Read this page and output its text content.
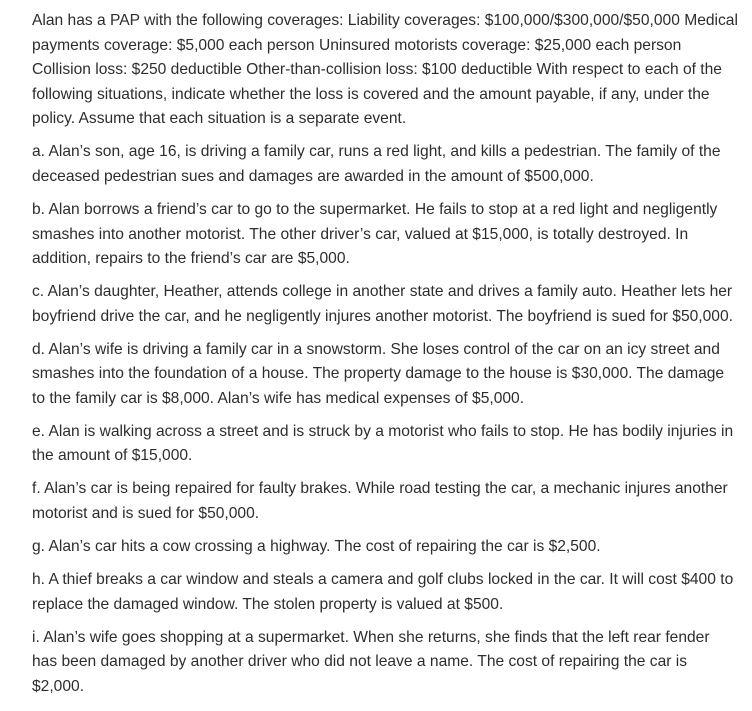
Alan has a PAP with the following coverages: Liability coverages: $100,000/$300,000/$50,000 Medical payments coverage: $5,000 each person Uninsured motorists coverage: $25,000 each person Collision loss: $250 deductible Other-than-collision loss: $100 deductible With respect to each of the following situations, indicate whether the loss is covered and the amount payable, if any, under the policy. Assume that each situation is a separate event.

a. Alan’s son, age 16, is driving a family car, runs a red light, and kills a pedestrian. The family of the deceased pedestrian sues and damages are awarded in the amount of $500,000.

b. Alan borrows a friend’s car to go to the supermarket. He fails to stop at a red light and negligently smashes into another motorist. The other driver’s car, valued at $15,000, is totally destroyed. In addition, repairs to the friend’s car are $5,000.

c. Alan’s daughter, Heather, attends college in another state and drives a family auto. Heather lets her boyfriend drive the car, and he negligently injures another motorist. The boyfriend is sued for $50,000.

d. Alan’s wife is driving a family car in a snowstorm. She loses control of the car on an icy street and smashes into the foundation of a house. The property damage to the house is $30,000. The damage to the family car is $8,000. Alan’s wife has medical expenses of $5,000.

e. Alan is walking across a street and is struck by a motorist who fails to stop. He has bodily injuries in the amount of $15,000.

f. Alan’s car is being repaired for faulty brakes. While road testing the car, a mechanic injures another motorist and is sued for $50,000.

g. Alan’s car hits a cow crossing a highway. The cost of repairing the car is $2,500.

h. A thief breaks a car window and steals a camera and golf clubs locked in the car. It will cost $400 to replace the damaged window. The stolen property is valued at $500.

i. Alan’s wife goes shopping at a supermarket. When she returns, she finds that the left rear fender has been damaged by another driver who did not leave a name. The cost of repairing the car is $2,000.
